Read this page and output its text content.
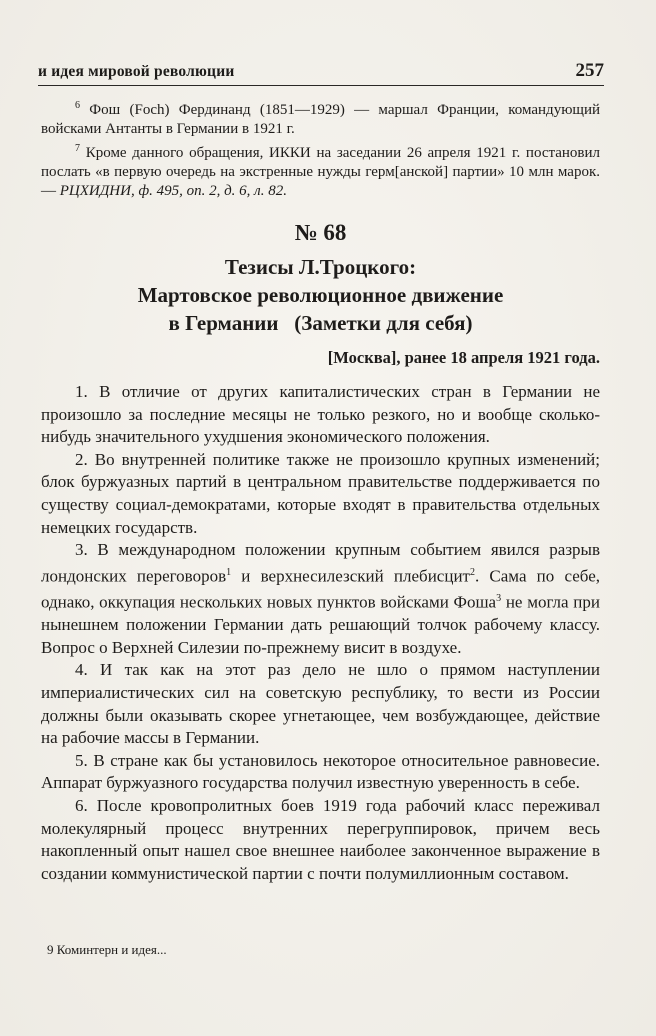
и идея мировой революции	257

$^6$ Фош (Foch) Фердинанд (1851—1929) — маршал Франции, командующий войсками Антанты в Германии в 1921 г.

$^7$ Кроме данного обращения, ИККИ на заседании 26 апреля 1921 г. постановил послать «в первую очередь на экстренные нужды герм[анской] партии» 10 млн марок. — РЦХИДНИ, ф. 495, оп. 2, д. 6, л. 82.

№ 68
Тезисы Л.Троцкого:
Мартовское революционное движение
в Германии   (Заметки для себя)
[Москва], ранее 18 апреля 1921 года.

1. В отличие от других капиталистических стран в Германии не произошло за последние месяцы не только резкого, но и вообще сколько-нибудь значительного ухудшения экономического положения.

2. Во внутренней политике также не произошло крупных изменений; блок буржуазных партий в центральном правительстве поддерживается по существу социал-демократами, которые входят в правительства отдельных немецких государств.

3. В международном положении крупным событием явился разрыв лондонских переговоров$^1$ и верхнесилезский плебисцит$^2$. Сама по себе, однако, оккупация нескольких новых пунктов войсками Фоша$^3$ не могла при нынешнем положении Германии дать решающий толчок рабочему классу. Вопрос о Верхней Силезии по-прежнему висит в воздухе.

4. И так как на этот раз дело не шло о прямом наступлении империалистических сил на советскую республику, то вести из России должны были оказывать скорее угнетающее, чем возбуждающее, действие на рабочие массы в Германии.

5. В стране как бы установилось некоторое относительное равновесие. Аппарат буржуазного государства получил известную уверенность в себе.

6. После кровопролитных боев 1919 года рабочий класс переживал молекулярный процесс внутренних перегруппировок, причем весь накопленный опыт нашел свое внешнее наиболее законченное выражение в создании коммунистической партии с почти полумиллионным составом.

9 Коминтерн и идея...
